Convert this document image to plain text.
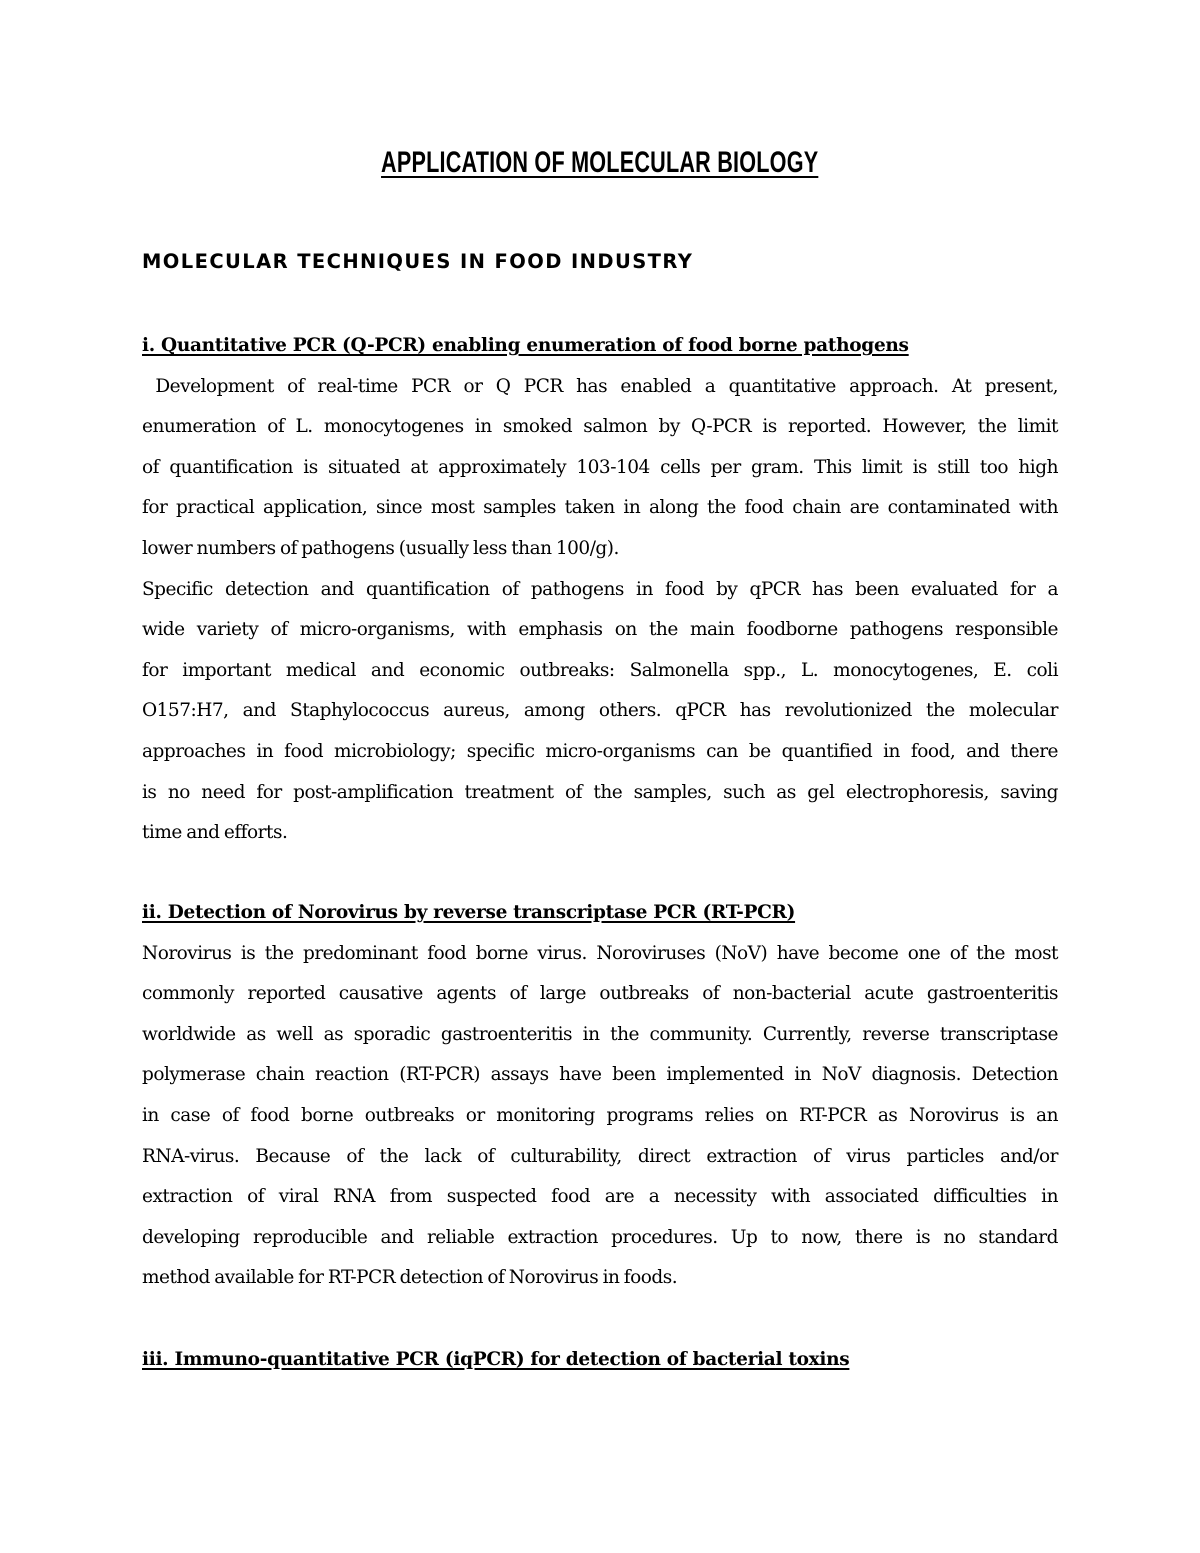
APPLICATION OF MOLECULAR BIOLOGY
MOLECULAR TECHNIQUES IN FOOD INDUSTRY
i. Quantitative PCR (Q-PCR) enabling enumeration of food borne pathogens
Development of real-time PCR or Q PCR has enabled a quantitative approach. At present,
enumeration of L. monocytogenes in smoked salmon by Q-PCR is reported. However, the limit
of quantification is situated at approximately 103-104 cells per gram. This limit is still too high
for practical application, since most samples taken in along the food chain are contaminated with
lower numbers of pathogens (usually less than 100/g).
Specific detection and quantification of pathogens in food by qPCR has been evaluated for a
wide variety of micro-organisms, with emphasis on the main foodborne pathogens responsible
for important medical and economic outbreaks: Salmonella spp., L. monocytogenes, E. coli
O157:H7, and Staphylococcus aureus, among others. qPCR has revolutionized the molecular
approaches in food microbiology; specific micro-organisms can be quantified in food, and there
is no need for post-amplification treatment of the samples, such as gel electrophoresis, saving
time and efforts.
ii. Detection of Norovirus by reverse transcriptase PCR (RT-PCR)
Norovirus is the predominant food borne virus. Noroviruses (NoV) have become one of the most
commonly reported causative agents of large outbreaks of non-bacterial acute gastroenteritis
worldwide as well as sporadic gastroenteritis in the community. Currently, reverse transcriptase
polymerase chain reaction (RT-PCR) assays have been implemented in NoV diagnosis. Detection
in case of food borne outbreaks or monitoring programs relies on RT-PCR as Norovirus is an
RNA-virus. Because of the lack of culturability, direct extraction of virus particles and/or
extraction of viral RNA from suspected food are a necessity with associated difficulties in
developing reproducible and reliable extraction procedures. Up to now, there is no standard
method available for RT-PCR detection of Norovirus in foods.
iii. Immuno-quantitative PCR (iqPCR) for detection of bacterial toxins
